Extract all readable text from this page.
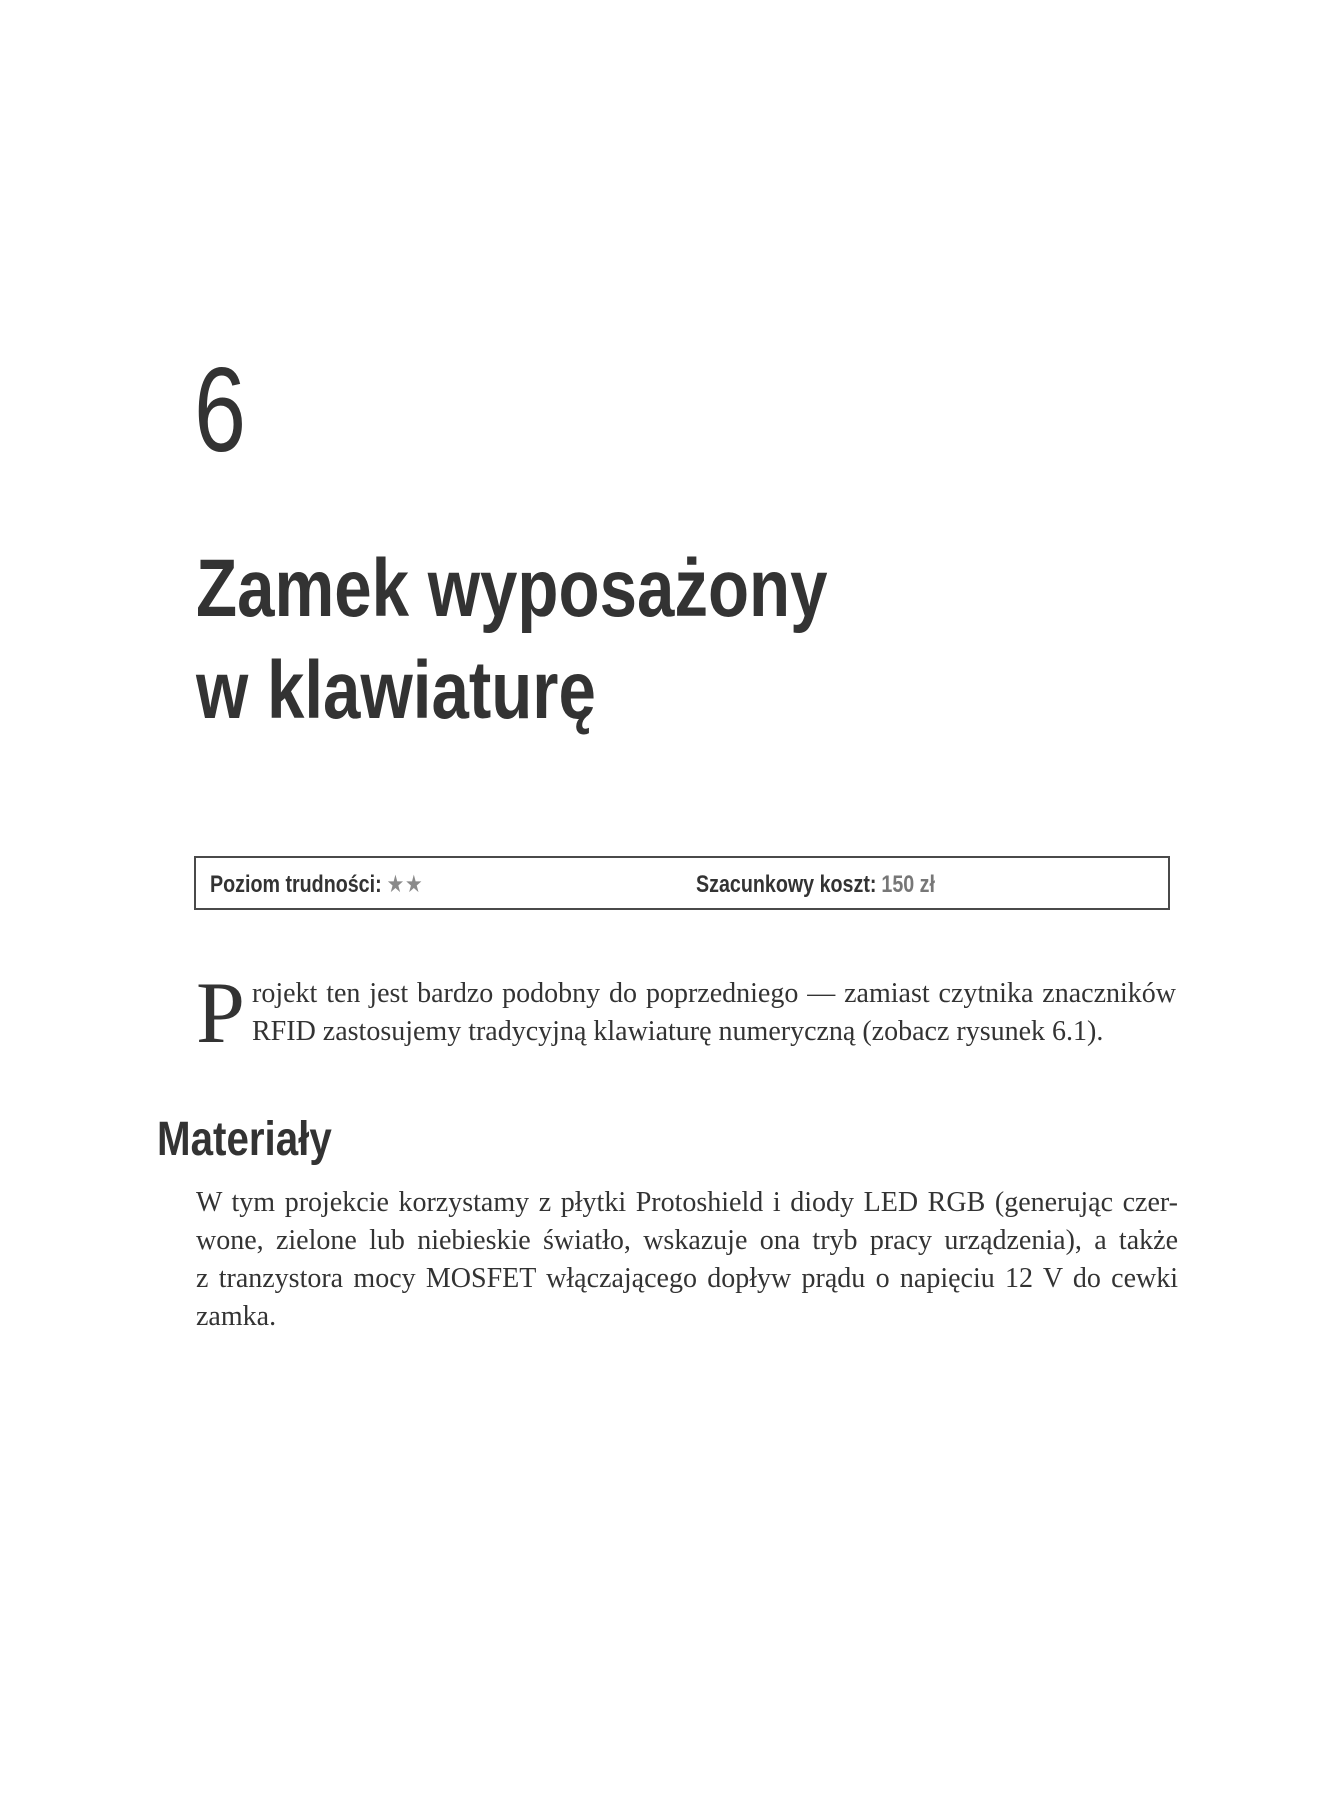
6
Zamek wyposażony
w klawiaturę
Poziom trudności: ★★	Szacunkowy koszt: 150 zł
P rojekt ten jest bardzo podobny do poprzedniego — zamiast czytnika znaczników
RFID zastosujemy tradycyjną klawiaturę numeryczną (zobacz rysunek 6.1).
Materiały
W tym projekcie korzystamy z płytki Protoshield i diody LED RGB (generując czer-
wone, zielone lub niebieskie światło, wskazuje ona tryb pracy urządzenia), a także
z tranzystora mocy MOSFET włączającego dopływ prądu o napięciu 12 V do cewki
zamka.
